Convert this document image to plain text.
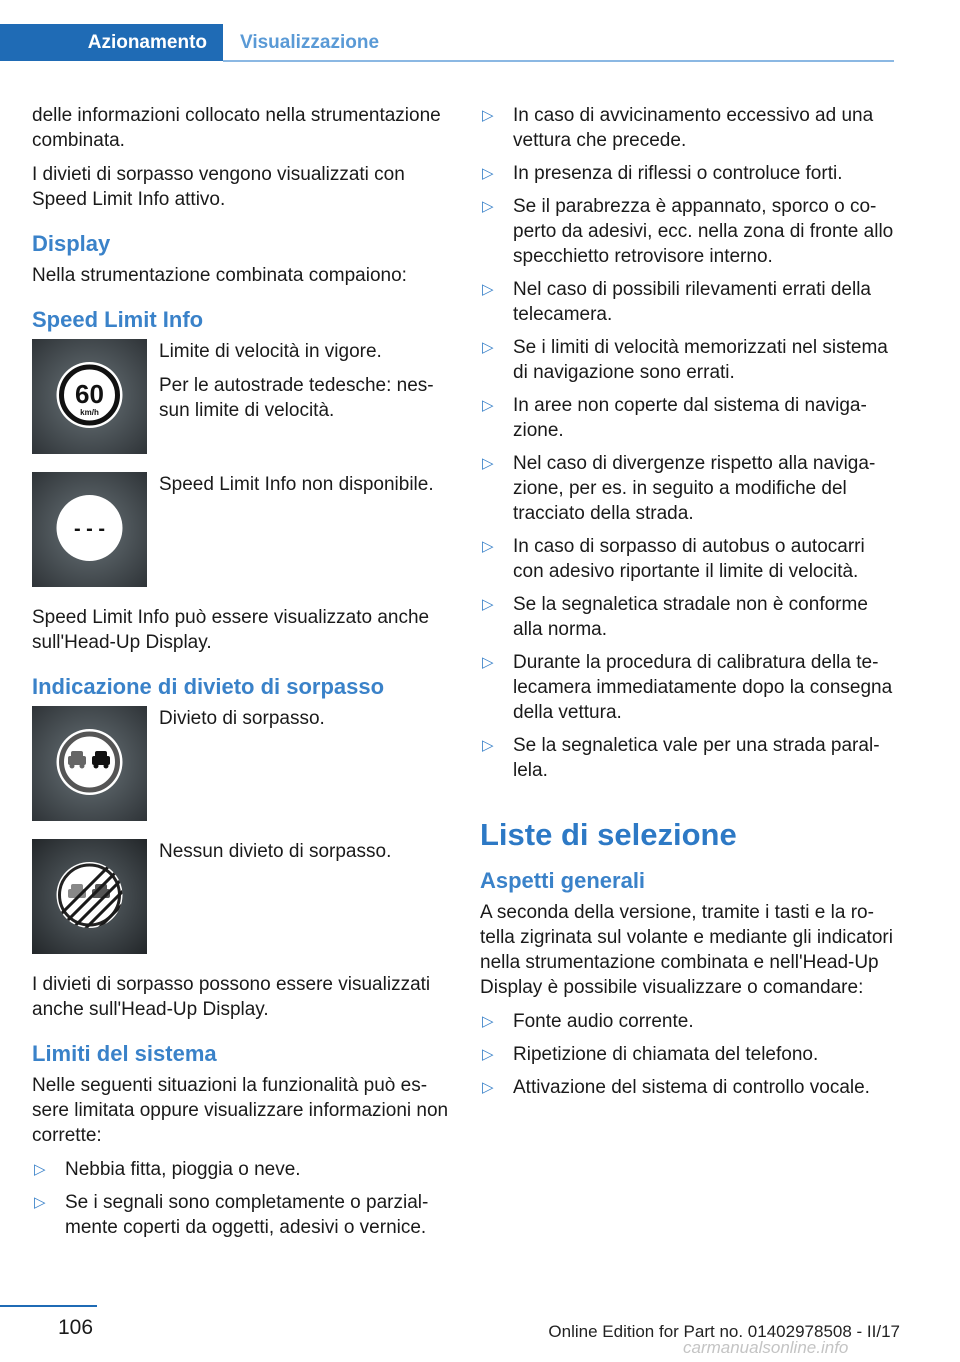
Azionamento	Visualizzazione

delle informazioni collocato nella strumentazione combinata.

I divieti di sorpasso vengono visualizzati con Speed Limit Info attivo.

Display

Nella strumentazione combinata compaiono:

Speed Limit Info
60
km/h

Limite di velocità in vigore.

Per le autostrade tedesche: nessun limite di velocità.

- - -

Speed Limit Info non disponibile.

Speed Limit Info può essere visualizzato anche sull'Head-Up Display.

Indicazione di divieto di sorpasso

Divieto di sorpasso.

Nessun divieto di sorpasso.

I divieti di sorpasso possono essere visualizzati anche sull'Head-Up Display.

Limiti del sistema

Nelle seguenti situazioni la funzionalità può essere limitata oppure visualizzare informazioni non corrette:

▷ Nebbia fitta, pioggia o neve.
▷ Se i segnali sono completamente o parzialmente coperti da oggetti, adesivi o vernice.
▷ In caso di avvicinamento eccessivo ad una vettura che precede.
▷ In presenza di riflessi o controluce forti.
▷ Se il parabrezza è appannato, sporco o coperto da adesivi, ecc. nella zona di fronte allo specchietto retrovisore interno.
▷ Nel caso di possibili rilevamenti errati della telecamera.
▷ Se i limiti di velocità memorizzati nel sistema di navigazione sono errati.
▷ In aree non coperte dal sistema di navigazione.
▷ Nel caso di divergenze rispetto alla navigazione, per es. in seguito a modifiche del tracciato della strada.
▷ In caso di sorpasso di autobus o autocarri con adesivo riportante il limite di velocità.
▷ Se la segnaletica stradale non è conforme alla norma.
▷ Durante la procedura di calibratura della telecamera immediatamente dopo la consegna della vettura.
▷ Se la segnaletica vale per una strada parallela.
Liste di selezione
Aspetti generali

A seconda della versione, tramite i tasti e la rotella zigrinata sul volante e mediante gli indicatori nella strumentazione combinata e nell'Head-Up Display è possibile visualizzare o comandare:

▷ Fonte audio corrente.
▷ Ripetizione di chiamata del telefono.
▷ Attivazione del sistema di controllo vocale.
106	Online Edition for Part no. 01402978508 - II/17
carmanualsonline.info
